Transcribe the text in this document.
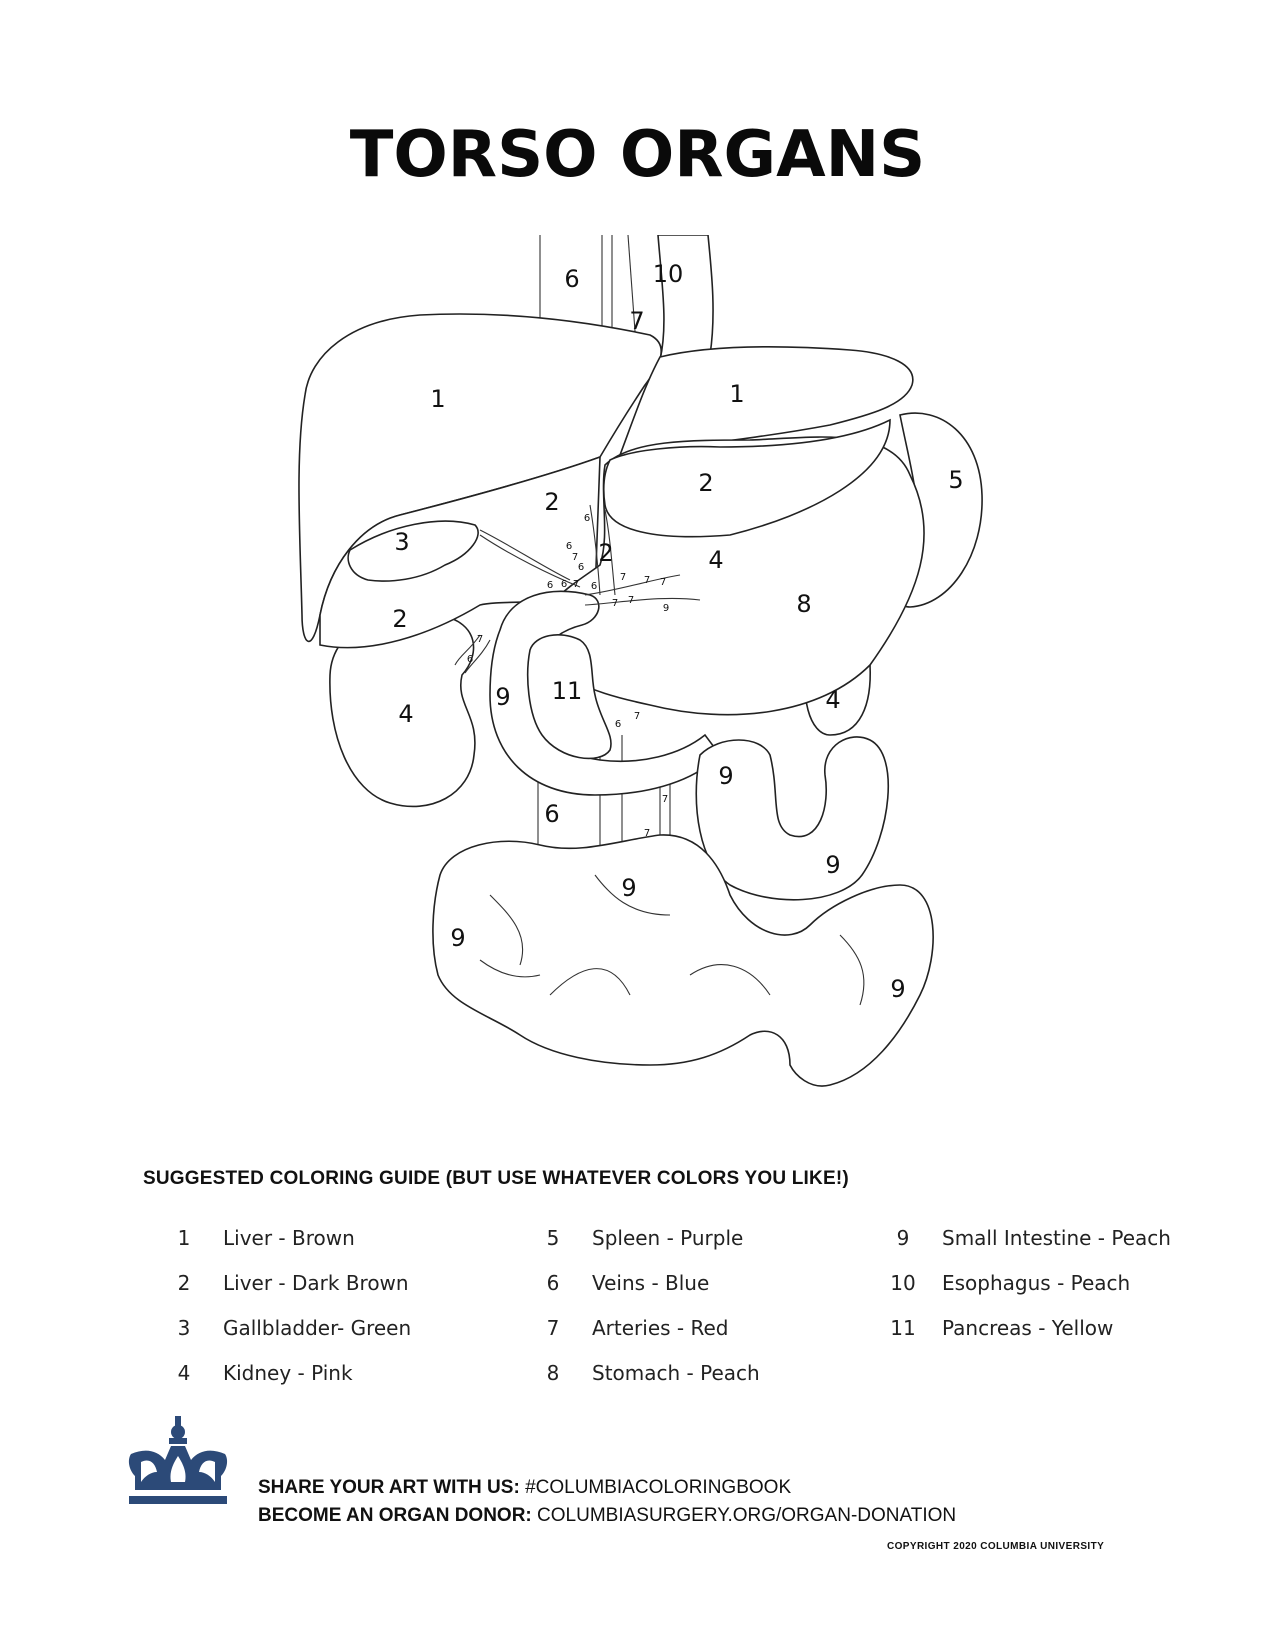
TORSO ORGANS
6	10
7
1	1
2	5
2
3	2	4
2
8
4
9 11	4
9
6
9
9
9
9
6
6
6
6 6 6
6
6
7
7
7 7 7
7 7
7
7
7
7
9
SUGGESTED COLORING GUIDE (BUT USE WHATEVER COLORS YOU LIKE!)
1	Liver - Brown
2	Liver - Dark Brown
3	Gallbladder- Green
4	Kidney - Pink
5	Spleen - Purple
6	Veins - Blue
7	Arteries - Red
8	Stomach - Peach
9	Small Intestine - Peach
10 Esophagus - Peach
11 Pancreas - Yellow
SHARE YOUR ART WITH US: #COLUMBIACOLORINGBOOK
BECOME AN ORGAN DONOR: COLUMBIASURGERY.ORG/ORGAN-DONATION
COPYRIGHT 2020 COLUMBIA UNIVERSITY
